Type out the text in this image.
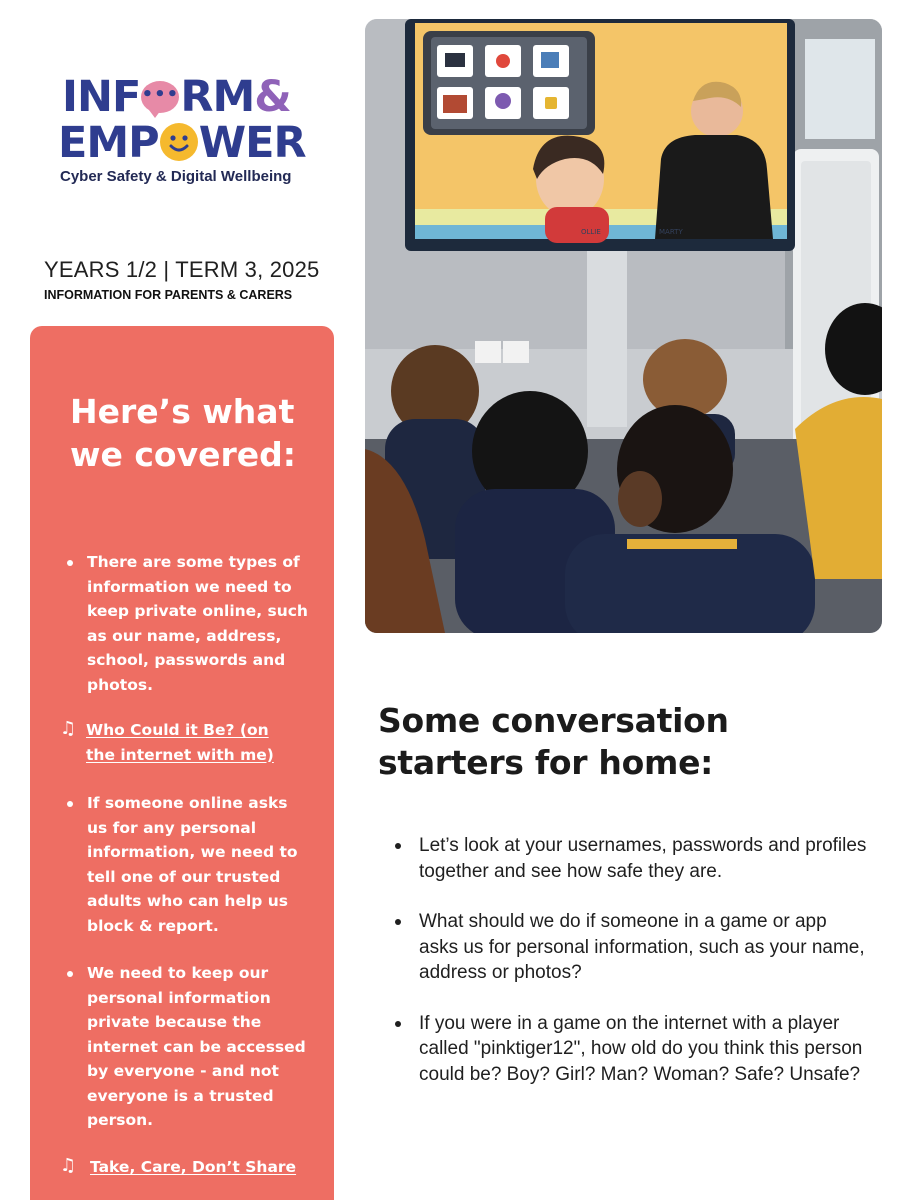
INF ••• RM&
EMP WER
Cyber Safety & Digital Wellbeing
YEARS 1/2 | TERM 3, 2025
INFORMATION FOR PARENTS & CARERS
Here’s what we covered:
There are some types of information we need to keep private online, such as our name, address, school, passwords and photos.
♫ Who Could it Be? (on the internet with me)
If someone online asks us for any personal information, we need to tell one of our trusted adults who can help us block & report.
We need to keep our personal information private because the internet can be accessed by everyone - and not everyone is a trusted person.
♫ Take, Care, Don’t Share
OLLIE	MARTY
Some conversation starters for home:
Let’s look at your usernames, passwords and profiles together and see how safe they are.
What should we do if someone in a game or app asks us for personal information, such as your name, address or photos?
If you were in a game on the internet with a player called "pinktiger12", how old do you think this person could be? Boy? Girl? Man? Woman? Safe? Unsafe?
